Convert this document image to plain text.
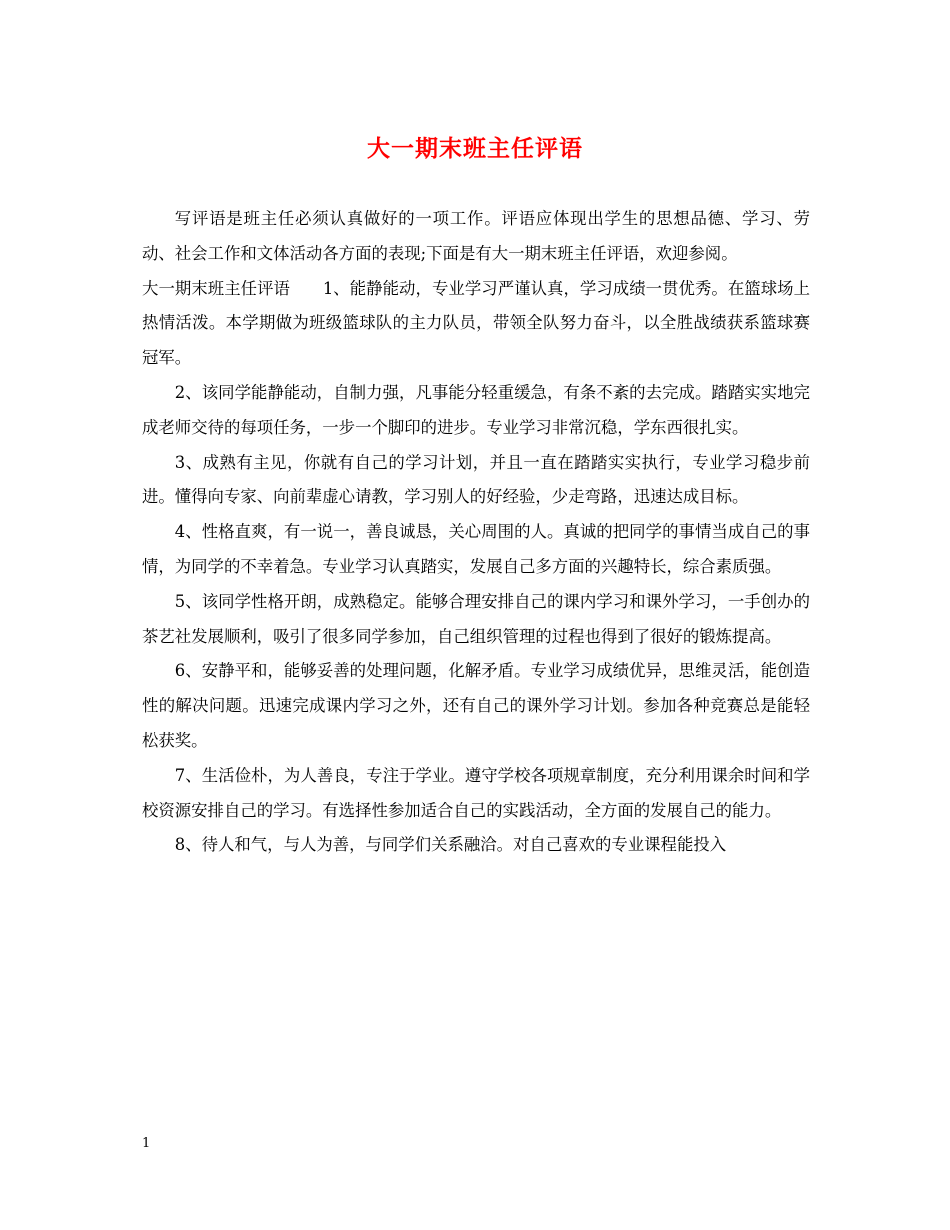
大一期末班主任评语

写评语是班主任必须认真做好的一项工作。评语应体现出学生的思想品德、学习、劳动、社会工作和文体活动各方面的表现;下面是有大一期末班主任评语，欢迎参阅。

大一期末班主任评语　　1、能静能动，专业学习严谨认真，学习成绩一贯优秀。在篮球场上热情活泼。本学期做为班级篮球队的主力队员，带领全队努力奋斗，以全胜战绩获系篮球赛冠军。

2、该同学能静能动，自制力强，凡事能分轻重缓急，有条不紊的去完成。踏踏实实地完成老师交待的每项任务，一步一个脚印的进步。专业学习非常沉稳，学东西很扎实。

3、成熟有主见，你就有自己的学习计划，并且一直在踏踏实实执行，专业学习稳步前进。懂得向专家、向前辈虚心请教，学习别人的好经验，少走弯路，迅速达成目标。

4、性格直爽，有一说一，善良诚恳，关心周围的人。真诚的把同学的事情当成自己的事情，为同学的不幸着急。专业学习认真踏实，发展自己多方面的兴趣特长，综合素质强。

5、该同学性格开朗，成熟稳定。能够合理安排自己的课内学习和课外学习，一手创办的茶艺社发展顺利，吸引了很多同学参加，自己组织管理的过程也得到了很好的锻炼提高。

6、安静平和，能够妥善的处理问题，化解矛盾。专业学习成绩优异，思维灵活，能创造性的解决问题。迅速完成课内学习之外，还有自己的课外学习计划。参加各种竞赛总是能轻松获奖。

7、生活俭朴，为人善良，专注于学业。遵守学校各项规章制度，充分利用课余时间和学校资源安排自己的学习。有选择性参加适合自己的实践活动，全方面的发展自己的能力。

8、待人和气，与人为善，与同学们关系融洽。对自己喜欢的专业课程能投入

1
